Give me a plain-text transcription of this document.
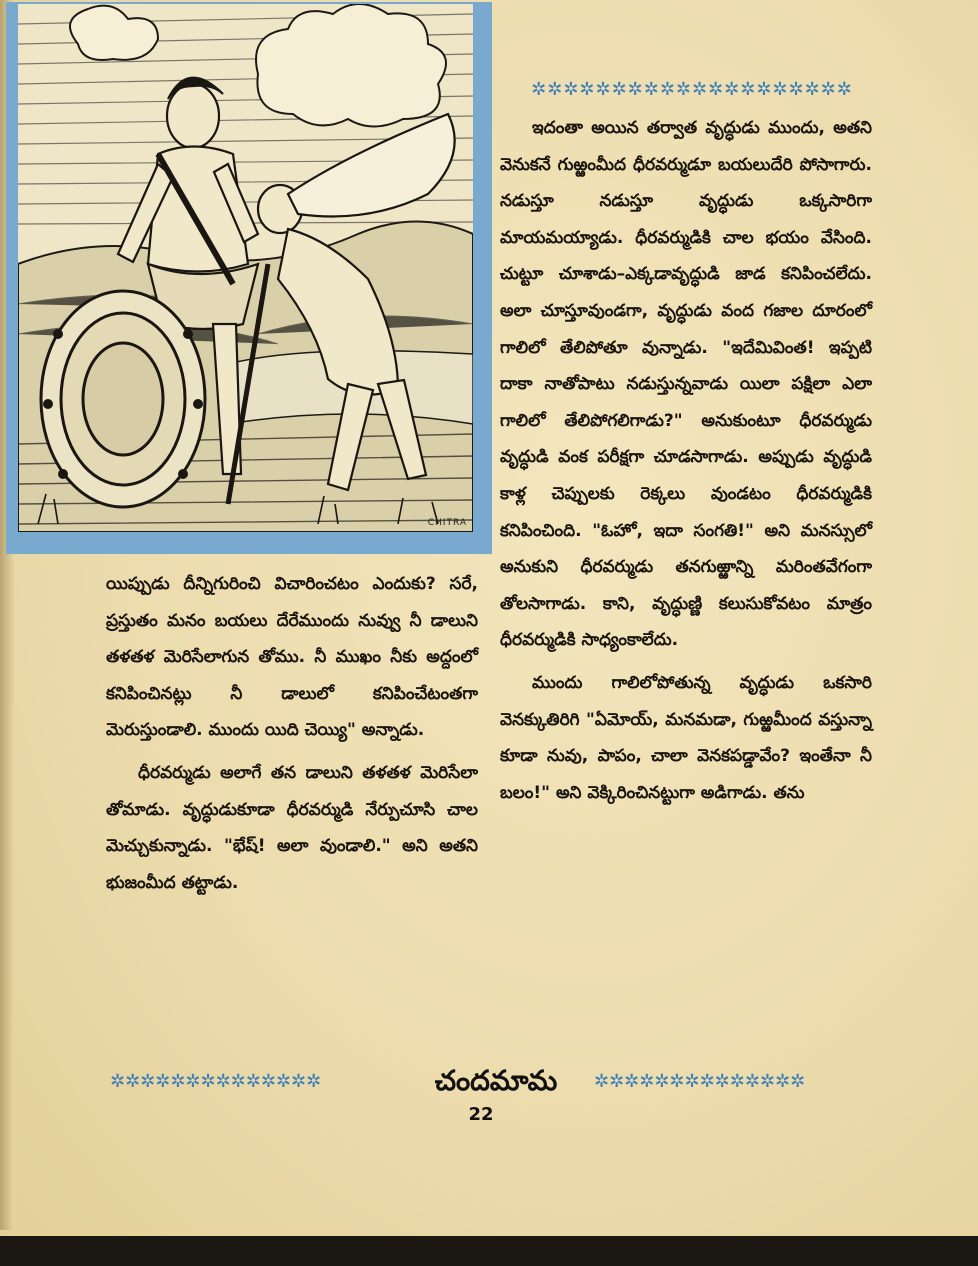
CHITRA
✲✲✲✲✲✲✲✲✲✲✲✲✲✲✲✲✲✲✲✲

ఇదంతా అయిన తర్వాత వృద్ధుడు ముందు, అతని వెనుకనే గుఱ్ఱంమీద ధీరవర్ముడూ బయలుదేరి పోసాగారు. నడుస్తూ నడుస్తూ వృద్ధుడు ఒక్కసారిగా మాయమయ్యాడు. ధీరవర్ముడికి చాల భయం వేసింది. చుట్టూ చూశాడు–ఎక్కడావృద్ధుడి జాడ కనిపించలేదు. అలా చూస్తూవుండగా, వృద్ధుడు వంద గజాల దూరంలో గాలిలో తేలిపోతూ వున్నాడు. "ఇదేమివింత! ఇప్పటి దాకా నాతోపాటు నడుస్తున్నవాడు యిలా పక్షిలా ఎలా గాలిలో తేలిపోగలిగాడు?" అనుకుంటూ ధీరవర్ముడు వృద్ధుడి వంక పరీక్షగా చూడసాగాడు. అప్పుడు వృద్ధుడి కాళ్ల చెప్పులకు రెక్కలు వుండటం ధీరవర్ముడికి కనిపించింది. "ఓహో, ఇదా సంగతి!" అని మనస్సులో అనుకుని ధీరవర్ముడు తనగుఱ్ఱాన్ని మరింతవేగంగా తోలసాగాడు. కాని, వృద్ధుణ్ణి కలుసుకోవటం మాత్రం ధీరవర్ముడికి సాధ్యంకాలేదు.

ముందు గాలిలోపోతున్న వృద్ధుడు ఒకసారి వెనక్కుతిరిగి "ఏమోయ్, మనమడా, గుఱ్ఱమీంద వస్తున్నా కూడా నువు, పాపం, చాలా వెనకపడ్డావేం? ఇంతేనా నీ బలం!" అని వెక్కిరించినట్టుగా అడిగాడు. తను

యిప్పుడు దీన్నిగురించి విచారించటం ఎందుకు? సరే, ప్రస్తుతం మనం బయలు దేరేముందు నువ్వు నీ డాలుని తళతళ మెరిసేలాగున తోము. నీ ముఖం నీకు అద్దంలో కనిపించినట్లు నీ డాలులో కనిపించేటంతగా మెరుస్తుండాలి. ముందు యిది చెయ్యి" అన్నాడు.

ధీరవర్ముడు అలాగే తన డాలుని తళతళ మెరిసేలా తోమాడు. వృద్ధుడుకూడా ధీరవర్ముడి నేర్పుచూసి చాల మెచ్చుకున్నాడు. "భేష్! అలా వుండాలి." అని అతని భుజంమీద తట్టాడు.

✲✲✲✲✲✲✲✲✲✲✲✲✲✲	చందమామ	✲✲✲✲✲✲✲✲✲✲✲✲✲✲
22
